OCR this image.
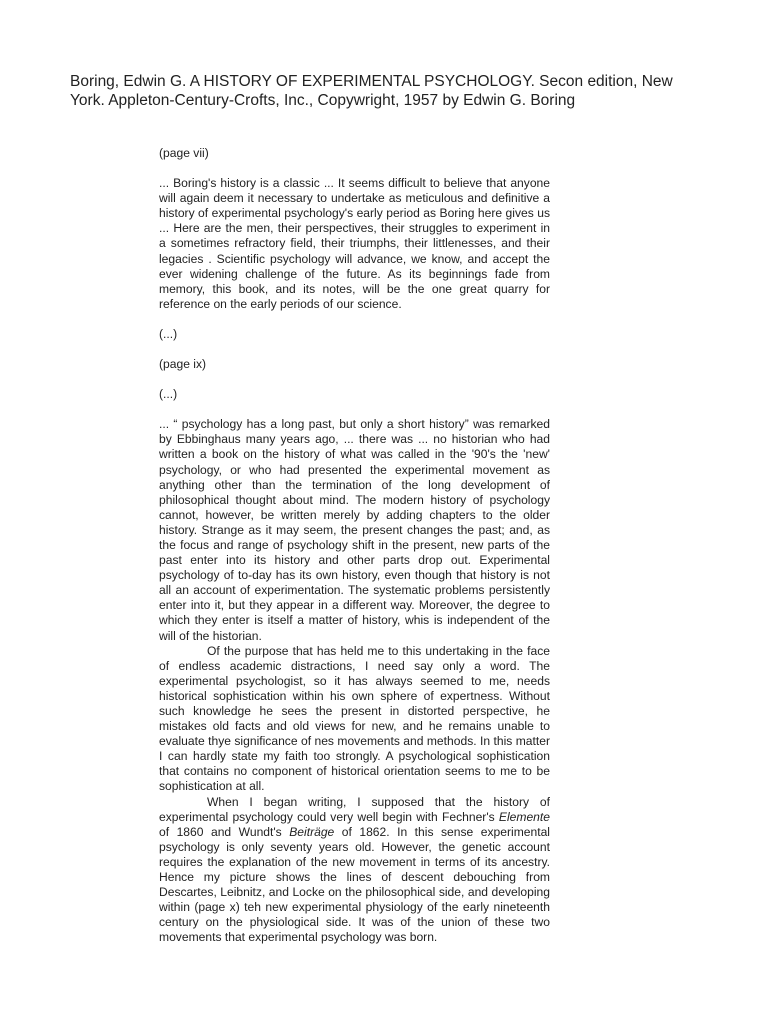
Boring, Edwin G. A HISTORY OF EXPERIMENTAL PSYCHOLOGY. Secon edition, New York. Appleton-Century-Crofts, Inc., Copywright, 1957 by Edwin G. Boring

(page vii)

... Boring's history is a classic ... It seems difficult to believe that anyone will again deem it necessary to undertake as meticulous and definitive a history of experimental psychology's early period as Boring here gives us ... Here are the men, their perspectives, their struggles to experiment in a sometimes refractory field, their triumphs, their littlenesses, and their legacies . Scientific psychology will advance, we know, and accept the ever widening challenge of the future. As its beginnings fade from memory, this book, and its notes, will be the one great quarry for reference on the early periods of our science.

(...)

(page ix)

(...)

... “ psychology has a long past, but only a short history” was remarked by Ebbinghaus many years ago, ... there was ... no historian who had written a book on the history of what was called in the '90's the 'new' psychology, or who had presented the experimental movement as anything other than the termination of the long development of philosophical thought about mind. The modern history of psychology cannot, however, be written merely by adding chapters to the older history. Strange as it may seem, the present changes the past; and, as the focus and range of psychology shift in the present, new parts of the past enter into its history and other parts drop out. Experimental psychology of to-day has its own history, even though that history is not all an account of experimentation. The systematic problems persistently enter into it, but they appear in a different way. Moreover, the degree to which they enter is itself a matter of history, whis is independent of the will of the historian.

Of the purpose that has held me to this undertaking in the face of endless academic distractions, I need say only a word. The experimental psychologist, so it has always seemed to me, needs historical sophistication within his own sphere of expertness. Without such knowledge he sees the present in distorted perspective, he mistakes old facts and old views for new, and he remains unable to evaluate thye significance of nes movements and methods. In this matter I can hardly state my faith too strongly. A psychological sophistication that contains no component of historical orientation seems to me to be sophistication at all.

When I began writing, I supposed that the history of experimental psychology could very well begin with Fechner's Elemente of 1860 and Wundt's Beiträge of 1862. In this sense experimental psychology is only seventy years old. However, the genetic account requires the explanation of the new movement in terms of its ancestry. Hence my picture shows the lines of descent debouching from Descartes, Leibnitz, and Locke on the philosophical side, and developing within (page x) teh new experimental physiology of the early nineteenth century on the physiological side. It was of the union of these two movements that experimental psychology was born.
